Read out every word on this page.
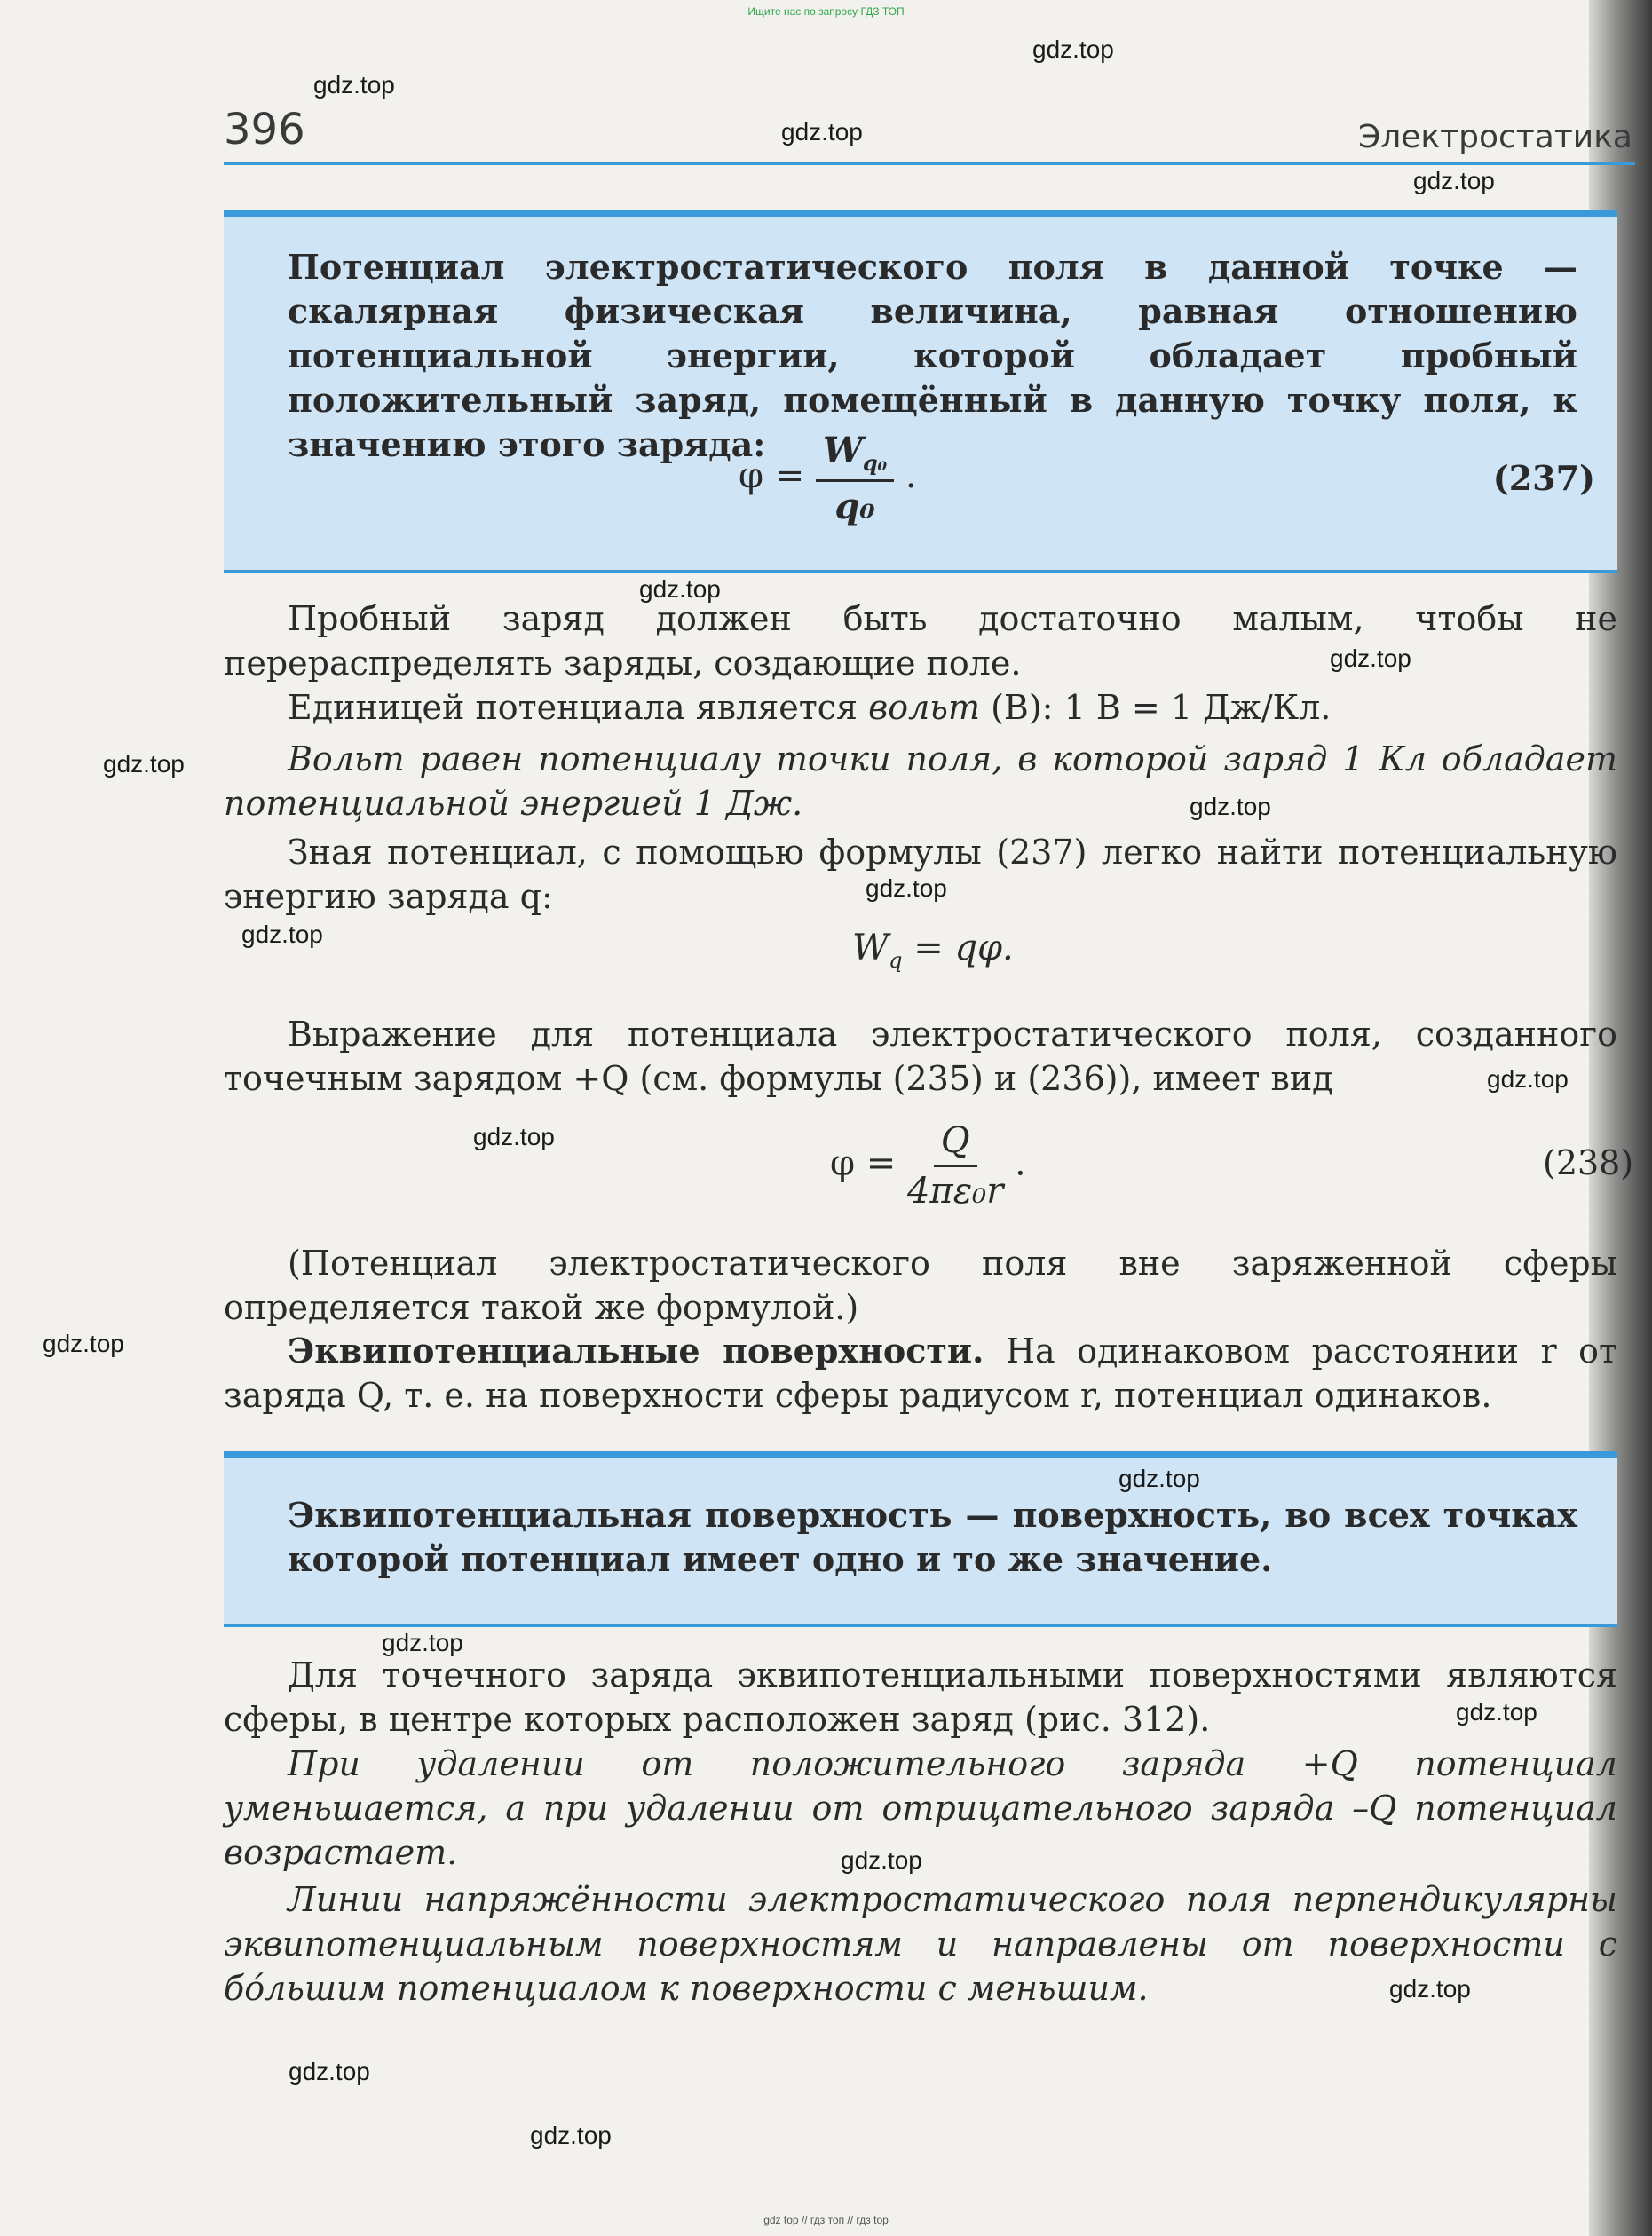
Ищите нас по запросу ГДЗ ТОП
396	Электростатика
Потенциал электростатического поля в данной точке — скалярная физическая величина, равная отношению потенциальной энергии, которой обладает пробный положительный заряд, помещённый в данную точку поля, к значению этого заряда:
$\varphi = \frac{W_{q_0}}{\text{q₀}}$ .	(237)
Пробный заряд должен быть достаточно малым, чтобы не перераспределять заряды, создающие поле.
Единицей потенциала является вольт (В): 1 В = 1 Дж/Кл.
Вольт равен потенциалу точки поля, в которой заряд 1 Кл обладает потенциальной энергией 1 Дж.
Зная потенциал, с помощью формулы (237) легко найти потенциальную энергию заряда q:
$W_q = q\varphi$.
Выражение для потенциала электростатического поля, созданного точечным зарядом +Q (см. формулы (235) и (236)), имеет вид
$\varphi = \frac{Q}{\text{4πε₀r}}$ .	(238)
(Потенциал электростатического поля вне заряженной сферы определяется такой же формулой.)
Эквипотенциальные поверхности. На одинаковом расстоянии r от заряда Q, т. е. на поверхности сферы радиусом r, потенциал одинаков.
Эквипотенциальная поверхность — поверхность, во всех точках которой потенциал имеет одно и то же значение.
Для точечного заряда эквипотенциальными поверхностями являются сферы, в центре которых расположен заряд (рис. 312).
При удалении от положительного заряда +Q потенциал уменьшается, а при удалении от отрицательного заряда –Q потенциал возрастает.
Линии напряжённости электростатического поля перпендикулярны эквипотенциальным поверхностям и направлены от поверхности с бóльшим потенциалом к поверхности с меньшим.
gdz.top
gdz.top
gdz.top
gdz.top
gdz.top
gdz.top
gdz.top
gdz.top
gdz.top
gdz.top
gdz.top
gdz.top
gdz.top
gdz.top
gdz.top
gdz.top
gdz.top
gdz.top
gdz.top
gdz.top
gdz top // гдз топ // гдз top
